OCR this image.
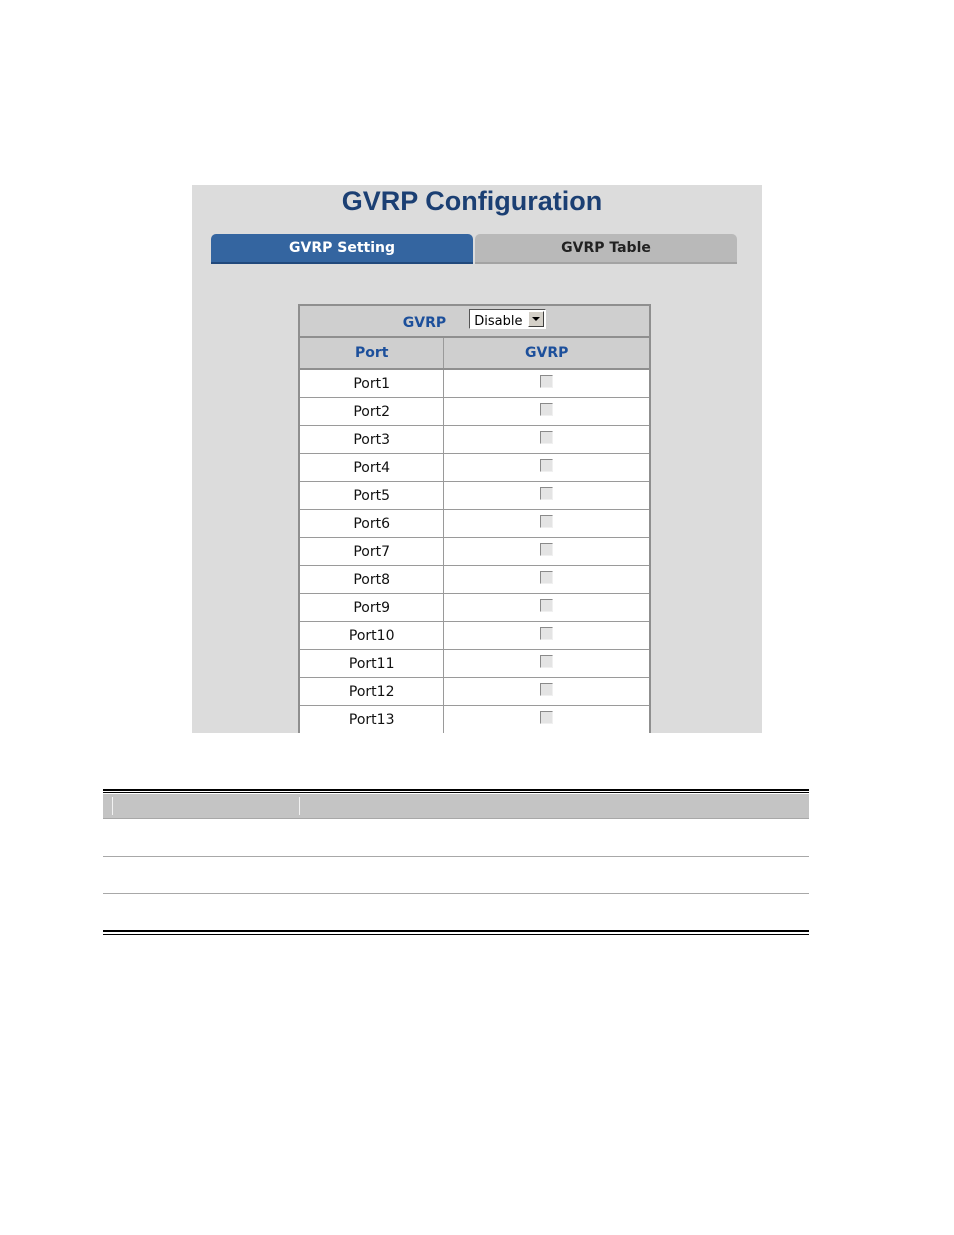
GVRP Configuration
GVRP Setting	GVRP Table
GVRP Disable	

Port	GVRP
Port1	
Port2	
Port3	
Port4	
Port5	
Port6	
Port7	
Port8	
Port9	
Port10	
Port11	
Port12	
Port13	
